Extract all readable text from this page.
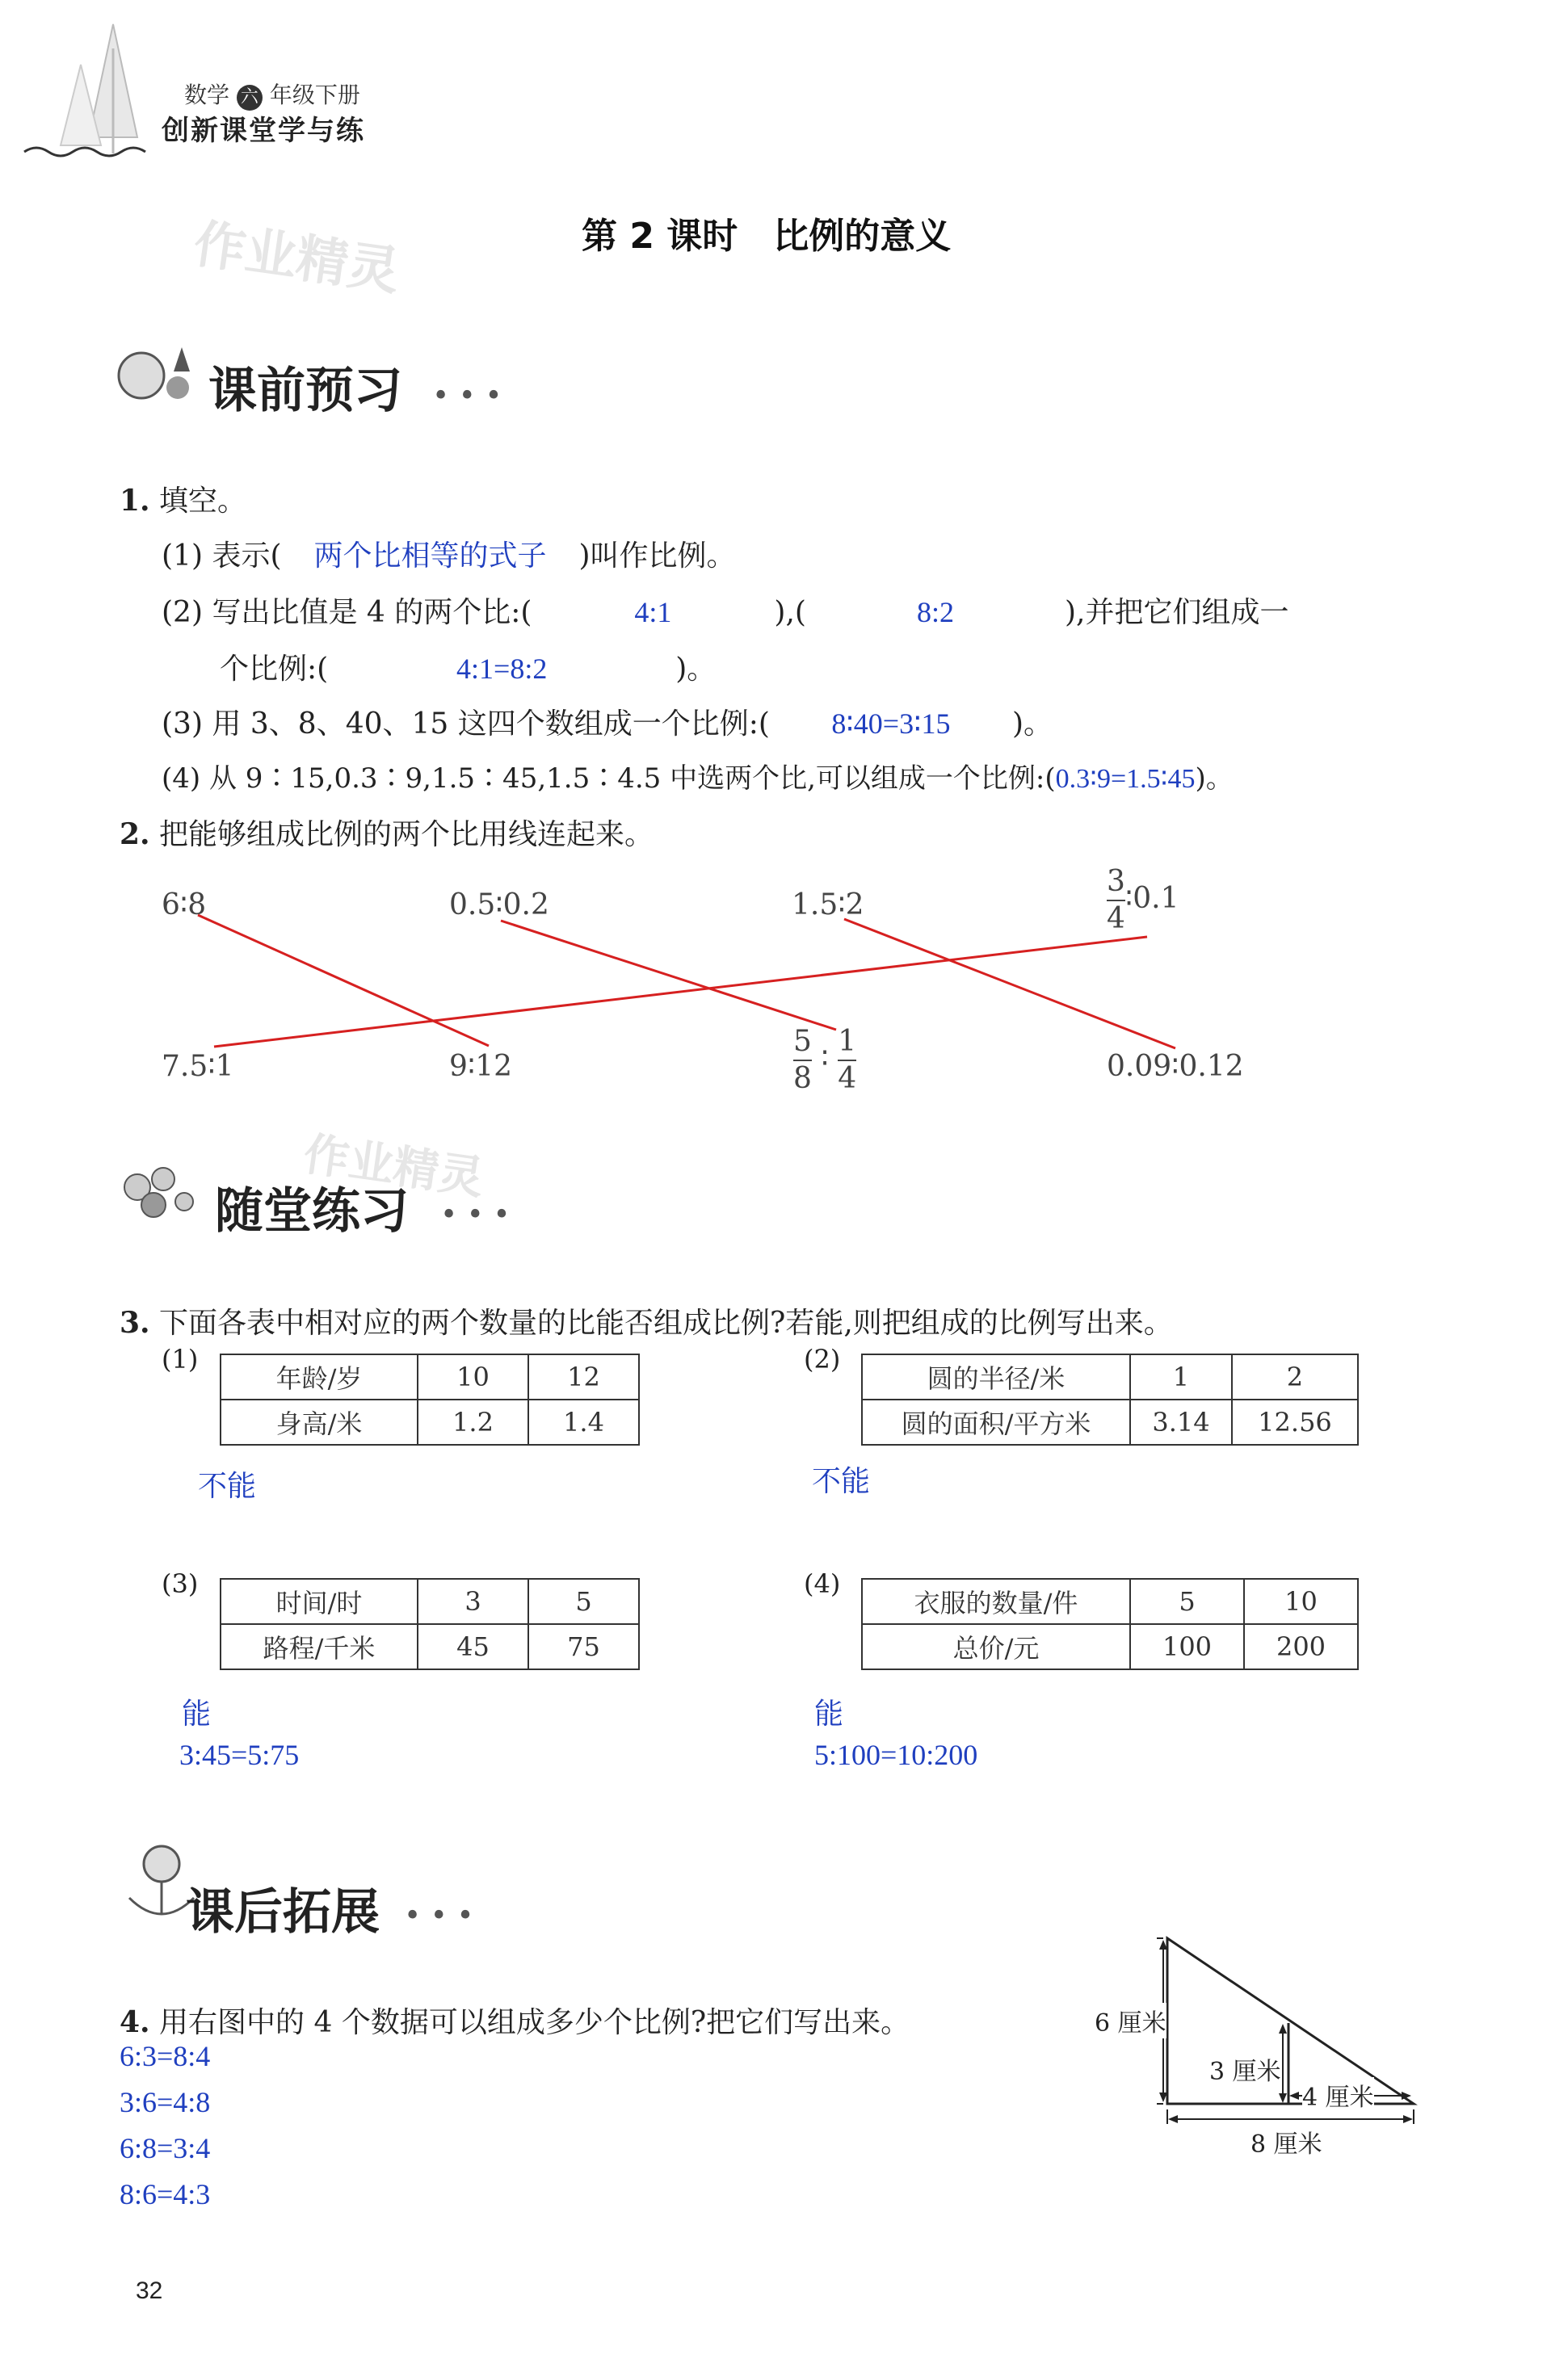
数学 六 年级下册
创新课堂学与练
作业精灵	第 2 课时　比例的意义
课前预习 • • •
1. 填空。
(1) 表示( 两个比相等的式子 )叫作比例。
(2) 写出比值是 4 的两个比:(	4:1	),(	8:2	),并把它们组成一
个比例:(	4:1=8:2	)。
(3) 用 3、8、40、15 这四个数组成一个比例:( 8∶40=3∶15 )。
(4) 从 9∶15,0.3∶9,1.5∶45,1.5∶4.5 中选两个比,可以组成一个比例:(0.3∶9=1.5∶45)。
2. 把能够组成比例的两个比用线连起来。
6∶8	0.5∶0.2	1.5∶2	$\frac{3}{4}$ ∶0.1
7.5∶1	9∶12	$\frac{5}{8}$ ∶ $\frac{1}{4}$	0.09∶0.12
作业精灵
随堂练习 • • •
3. 下面各表中相对应的两个数量的比能否组成比例?若能,则把组成的比例写出来。
(1)
年龄/岁	10	12
身高/米	1.2	1.4
不能
(2)
圆的半径/米	1	2
圆的面积/平方米	3.14	12.56
不能
(3)
时间/时	3	5
路程/千米	45	75
能
3:45=5:75
(4)
衣服的数量/件	5	10
总价/元	100	200
能
5:100=10:200
课后拓展 • • •
4. 用右图中的 4 个数据可以组成多少个比例?把它们写出来。
6:3=8:4
3:6=4:8
6:8=3:4
8:6=4:3
6 厘米
3 厘米
4 厘米
8 厘米
32
